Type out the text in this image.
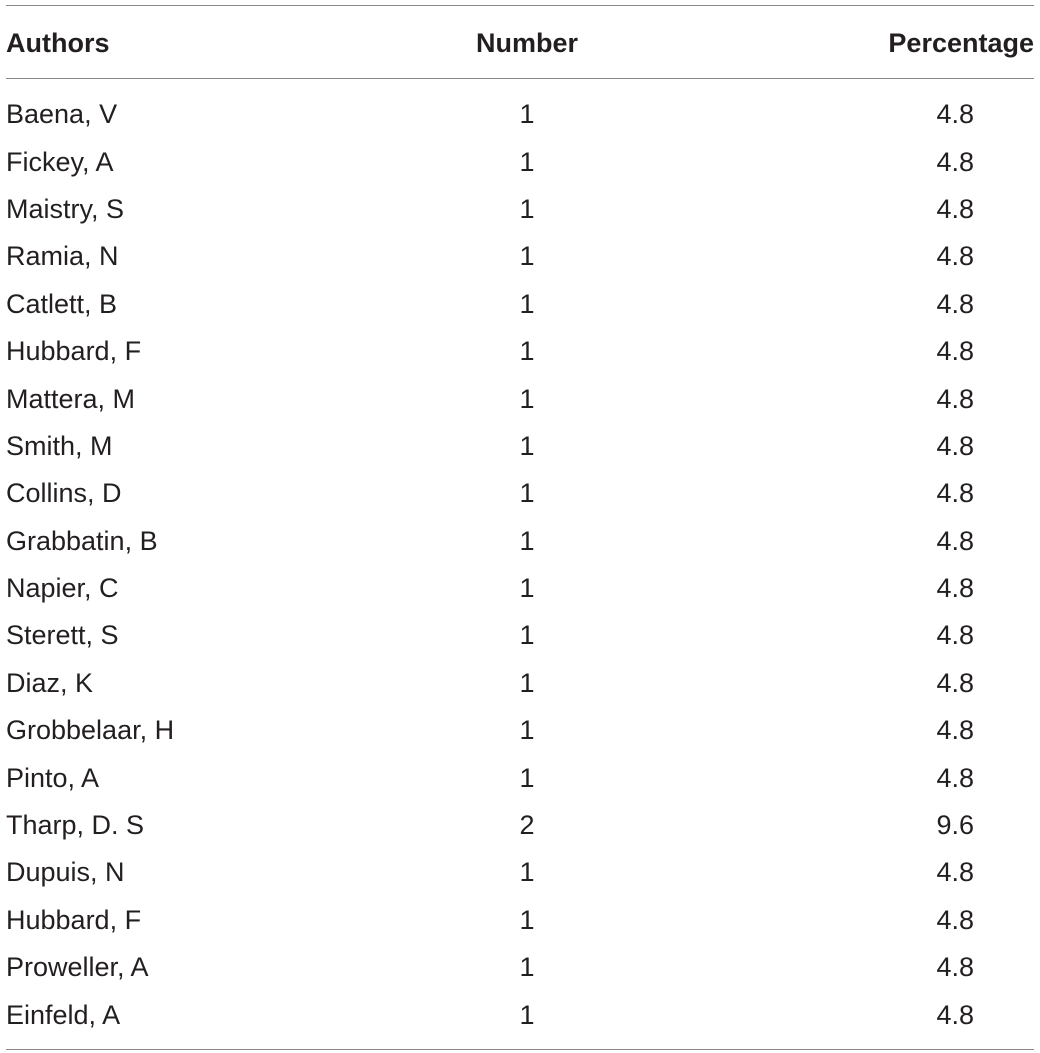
Authors	Number	Percentage
Baena, V	1	4.8
Fickey, A	1	4.8
Maistry, S	1	4.8
Ramia, N	1	4.8
Catlett, B	1	4.8
Hubbard, F	1	4.8
Mattera, M	1	4.8
Smith, M	1	4.8
Collins, D	1	4.8
Grabbatin, B	1	4.8
Napier, C	1	4.8
Sterett, S	1	4.8
Diaz, K	1	4.8
Grobbelaar, H	1	4.8
Pinto, A	1	4.8
Tharp, D. S	2	9.6
Dupuis, N	1	4.8
Hubbard, F	1	4.8
Proweller, A	1	4.8
Einfeld, A	1	4.8
